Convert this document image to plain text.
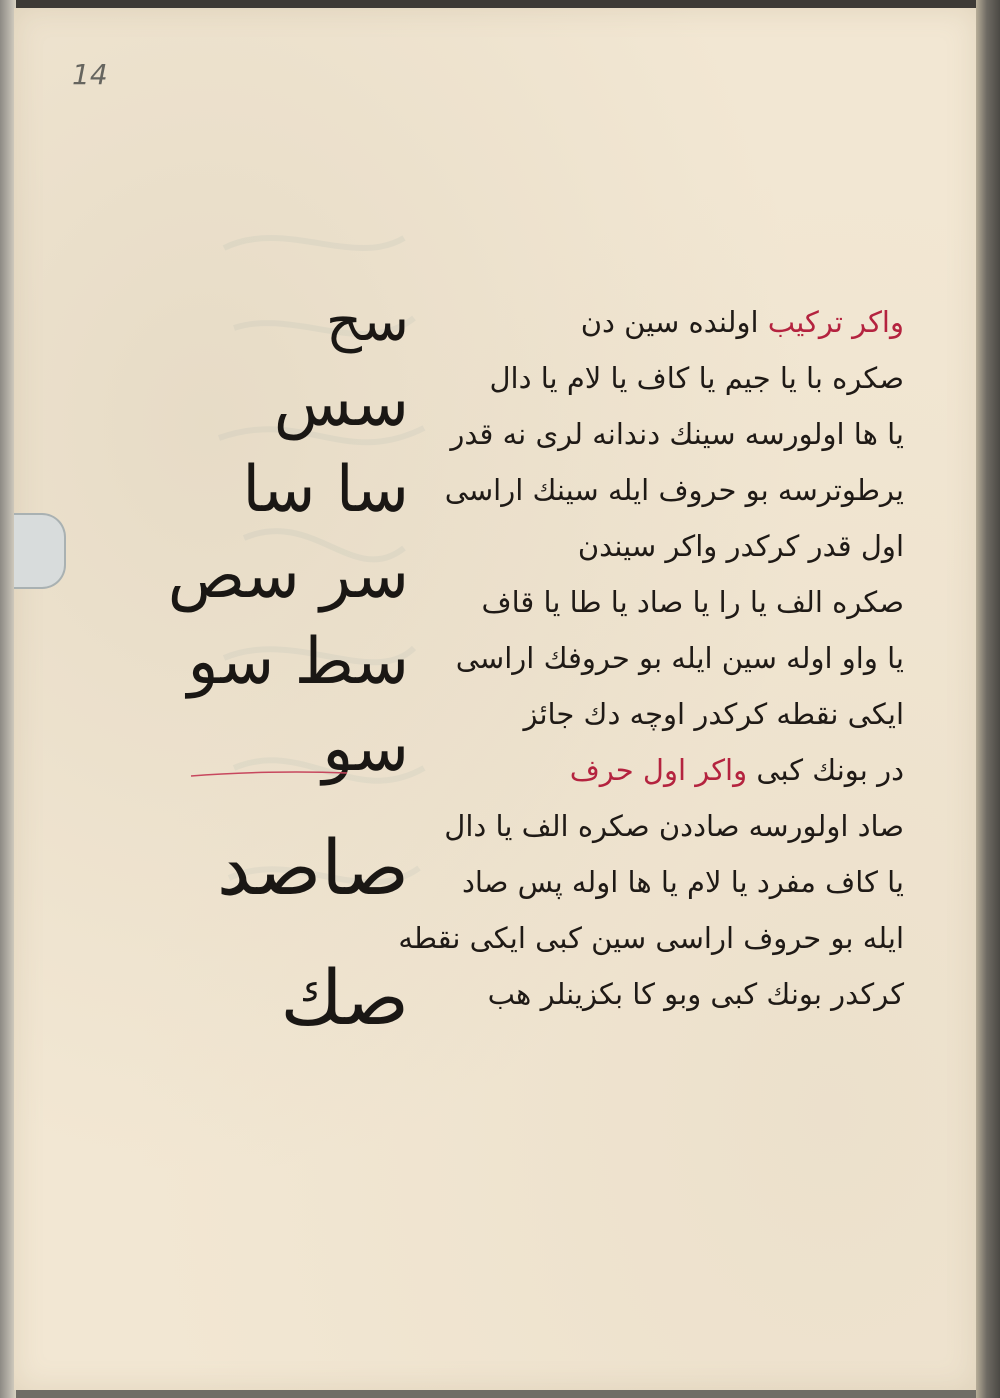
14
سح
سس
سا سا
سر سص
سط سو
سو
صاصد
صك
واكر تركيب اولنده سين دن
صكره با يا جيم يا كاف يا لام يا دال
يا ها اولورسه سينك دندانه لرى نه قدر
يرطوترسه بو حروف ايله سينك اراسى
اول قدر كركدر واكر سيندن
صكره الف يا را يا صاد يا طا يا قاف
يا واو اوله سين ايله بو حروفك اراسى
ايكى نقطه كركدر اوچه دك جائز
در بونك كبى واكر اول حرف
صاد اولورسه صاددن صكره الف يا دال
يا كاف مفرد يا لام يا ها اوله پس صاد
ايله بو حروف اراسى سين كبى ايكى نقطه
كركدر بونك كبى وبو كا بكزينلر هب
